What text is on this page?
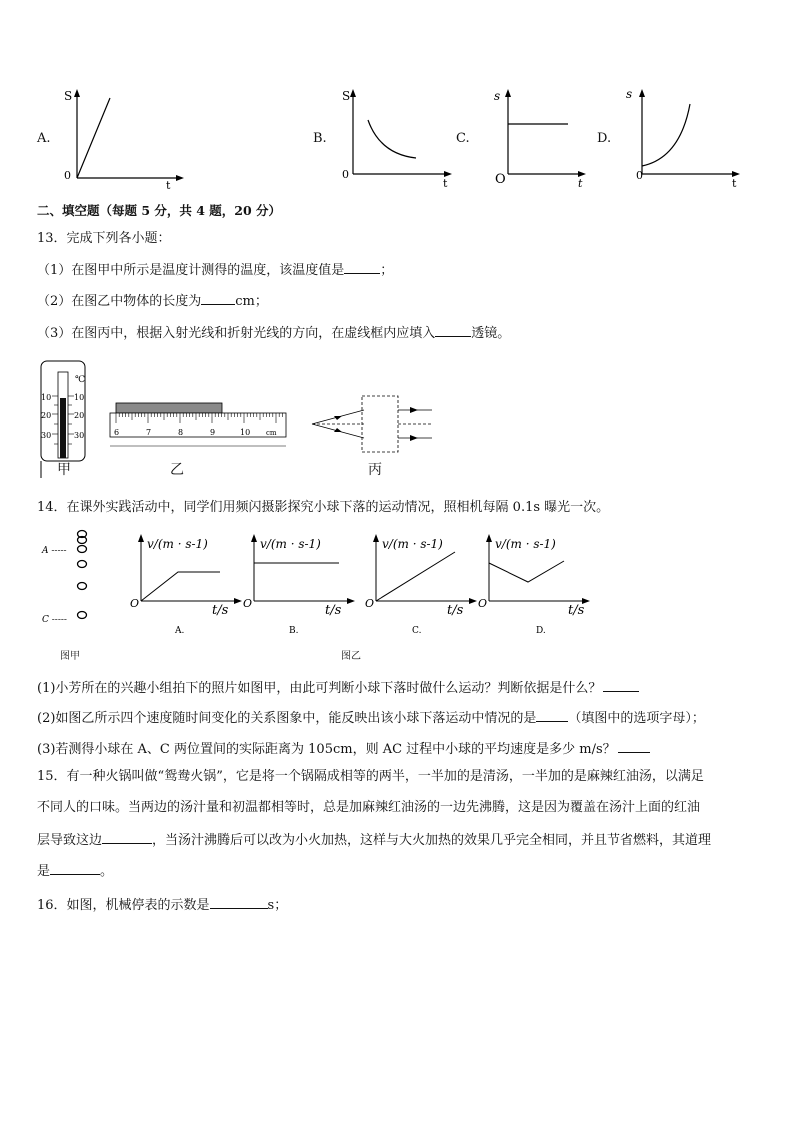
A.
S
0
t
B.
S
0
t
C.
s
O	t
D.
s
0
t
二、填空题（每题 5 分，共 4 题，20 分）
13．完成下列各小题：
（1）在图甲中所示是温度计测得的温度，该温度值是	；
（2）在图乙中物体的长度为	cm；
（3）在图丙中，根据入射光线和折射光线的方向，在虚线框内应填入	透镜。
℃
10
20
30
10
20
30
甲
6	7	8	9	10 cm
乙	丙
14．在课外实践活动中，同学们用频闪摄影探究小球下落的运动情况，照相机每隔 0.1s 曝光一次。
A -----
C -----
图甲
v/(m · s-1)
O	t/s
A.
v/(m · s-1)
O	t/s
B.
v/(m · s-1)
O	t/s
C.
v/(m · s-1)
O	t/s
D.
图乙
(1)小芳所在的兴趣小组拍下的照片如图甲，由此可判断小球下落时做什么运动？判断依据是什么？
(2)如图乙所示四个速度随时间变化的关系图象中，能反映出该小球下落运动中情况的是 （填图中的选项字母）；
(3)若测得小球在 A、C 两位置间的实际距离为 105cm，则 AC 过程中小球的平均速度是多少 m/s？
15．有一种火锅叫做“鸳鸯火锅”，它是将一个锅隔成相等的两半，一半加的是清汤，一半加的是麻辣红油汤，以满足
不同人的口味。当两边的汤汁量和初温都相等时，总是加麻辣红油汤的一边先沸腾，这是因为覆盖在汤汁上面的红油
层导致这边	，当汤汁沸腾后可以改为小火加热，这样与大火加热的效果几乎完全相同，并且节省燃料，其道理
是	。
16．如图，机械停表的示数是	s；
